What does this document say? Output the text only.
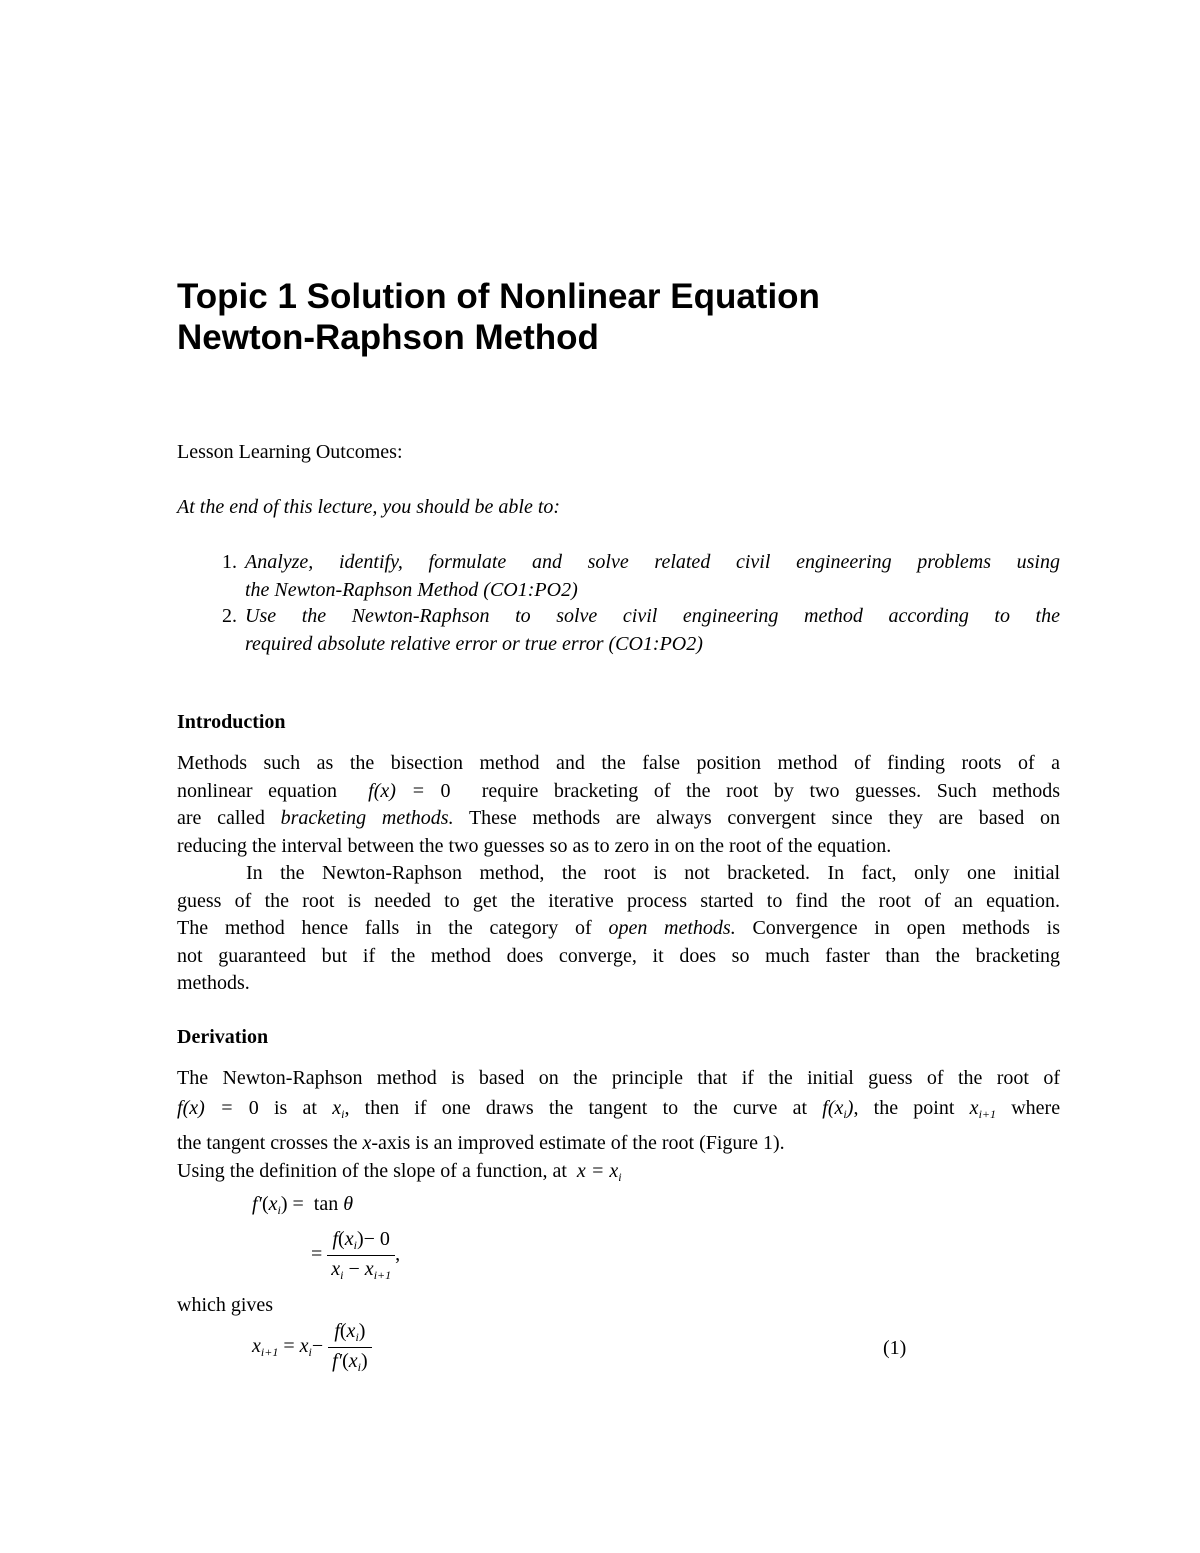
Topic 1 Solution of Nonlinear Equation
Newton-Raphson Method
Lesson Learning Outcomes:
At the end of this lecture, you should be able to:
1. Analyze, identify, formulate and solve related civil engineering problems using
the Newton-Raphson Method (CO1:PO2)
2. Use the Newton-Raphson to solve civil engineering method according to the
required absolute relative error or true error (CO1:PO2)
Introduction
Methods such as the bisection method and the false position method of finding roots of a
nonlinear equation f(x) = 0 require bracketing of the root by two guesses. Such methods
are called bracketing methods. These methods are always convergent since they are based on
reducing the interval between the two guesses so as to zero in on the root of the equation.
In the Newton-Raphson method, the root is not bracketed. In fact, only one initial
guess of the root is needed to get the iterative process started to find the root of an equation.
The method hence falls in the category of open methods. Convergence in open methods is
not guaranteed but if the method does converge, it does so much faster than the bracketing
methods.
Derivation
The Newton-Raphson method is based on the principle that if the initial guess of the root of
f(x) = 0 is at $x_i$, then if one draws the tangent to the curve at $f(x_i)$, the point $x_{i+1}$ where
the tangent crosses the x-axis is an improved estimate of the root (Figure 1).
Using the definition of the slope of a function, at $x = x_i$
$f'(x_i) = \tan \theta$
= $\frac{f(x_i)- 0}{x_i - x_{i+1}}$ ,
which gives
$x_{i+1} = x_i- \frac{f(x_i)}{f'(x_i)}$	(1)
